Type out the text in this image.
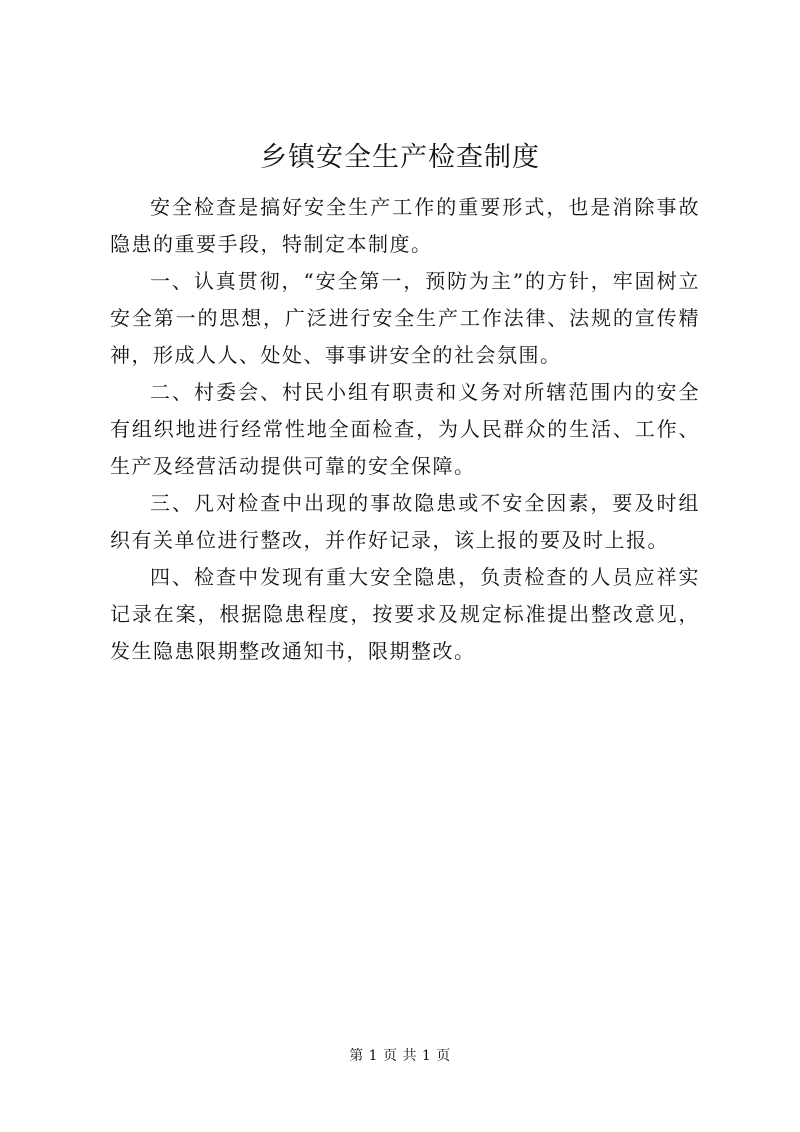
乡镇安全生产检查制度

安全检查是搞好安全生产工作的重要形式，也是消除事故隐患的重要手段，特制定本制度。

一、认真贯彻，“安全第一，预防为主”的方针，牢固树立安全第一的思想，广泛进行安全生产工作法律、法规的宣传精神，形成人人、处处、事事讲安全的社会氛围。

二、村委会、村民小组有职责和义务对所辖范围内的安全有组织地进行经常性地全面检查，为人民群众的生活、工作、生产及经营活动提供可靠的安全保障。

三、凡对检查中出现的事故隐患或不安全因素，要及时组织有关单位进行整改，并作好记录，该上报的要及时上报。

四、检查中发现有重大安全隐患，负责检查的人员应祥实记录在案，根据隐患程度，按要求及规定标准提出整改意见，发生隐患限期整改通知书，限期整改。

第 1 页 共 1 页
